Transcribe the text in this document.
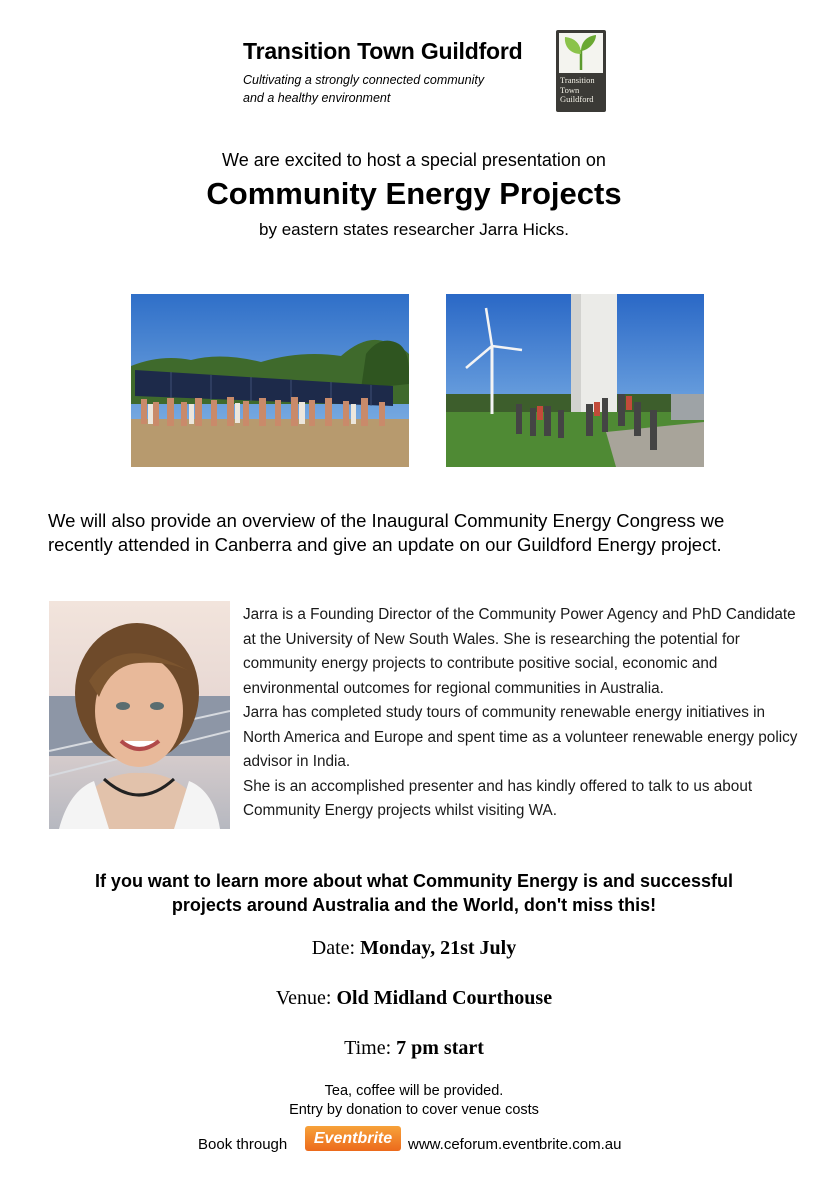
Transition Town Guildford
Cultivating a strongly connected community
and a healthy environment
Transition
Town
Guildford
We are excited to host a special presentation on
Community Energy Projects
by eastern states researcher Jarra Hicks.
We will also provide an overview of the Inaugural Community Energy Congress we recently attended in Canberra and give an update on our Guildford Energy project.

Jarra is a Founding Director of the Community Power Agency and PhD Candidate at the University of New South Wales. She is researching the potential for community energy projects to contribute positive social, economic and environmental outcomes for regional communities in Australia.

Jarra has completed study tours of community renewable energy initiatives in North America and Europe and spent time as a volunteer renewable energy policy advisor in India.

She is an accomplished presenter and has kindly offered to talk to us about Community Energy projects whilst visiting WA.

If you want to learn more about what Community Energy is and successful
projects around Australia and the World, don't miss this!
Date: Monday, 21st July
Venue: Old Midland Courthouse
Time: 7 pm start
Tea, coffee will be provided.
Entry by donation to cover venue costs
Book through	Eventbrite	www.ceforum.eventbrite.com.au
